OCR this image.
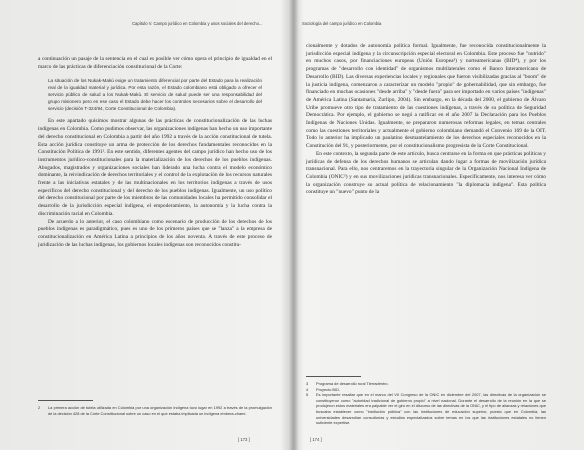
Capítulo V. Campo jurídico en Colombia y usos sociales del derecho...

a continuación un pasaje de la sentencia en el cual es posible ver cómo opera el principio de igualdad en el marco de las prácticas de diferenciación constitucional de la Corte:

La situación de los Nukak-Makú exige un tratamiento diferencial por parte del Estado para la realización real de la igualdad material y jurídica. Por esta razón, el Estado colombiano está obligado a ofrecer el servicio público de salud a los Nukak-Makú. El servicio de salud puede ser una responsabilidad del grupo misionero pero en ese caso el Estado debe hacer los controles necesarios sobre el desarrollo del servicio (decisión T-324/94, Corte Constitucional de Colombia).

En este apartado quisimos mostrar algunas de las prácticas de constitucionalización de las luchas indígenas en Colombia. Como pudimos observar, las organizaciones indígenas han hecho un uso importante del derecho constitucional en Colombia a partir del año 1992 a través de la acción constitucional de tutela. Esta acción jurídica constituye un arma de protección de los derechos fundamentales reconocidos en la Constitución Política de 1991². En este sentido, diferentes agentes del campo jurídico han hecho uso de los instrumentos jurídico-constitucionales para la materialización de los derechos de los pueblos indígenas. Abogados, magistrados y organizaciones sociales han liderado una lucha contra el modelo económico dominante, la reivindicación de derechos territoriales y el control de la explotación de los recursos naturales frente a las iniciativas estatales y de las multinacionales en los territorios indígenas a través de usos específicos del derecho constitucional y del derecho de los pueblos indígenas. Igualmente, un uso político del derecho constitucional por parte de los miembros de las comunidades locales ha permitido consolidar el desarrollo de la jurisdicción especial indígena, el empoderamiento, la autonomía y la lucha contra la discriminación racial en Colombia.

De acuerdo a lo anterior, el caso colombiano como escenario de producción de los derechos de los pueblos indígenas es paradigmático, pues es uno de los primeros países que se "lanza" a la empresa de constitucionalización en América Latina a principios de los años noventa. A través de este proceso de juridización de las luchas indígenas, los gobiernos locales indígenas son reconocidos constitu-

2	La primera acción de tutela utilizada en Colombia por una organización indígena tuvo lugar en 1992 a través de la promulgación de la decisión 428 de la Corte Constitucional sobre un caso en el que estaba implicada un indígena embera-chamí.
[ 173 ]
Sociología del campo jurídico en Colombia

cionalmente y dotados de autonomía política formal. Igualmente, fue reconocida constitucionalmente la jurisdicción especial indígena y la circunscripción especial electoral en Colombia. Este proceso fue "nutrido" en muchos casos, por financiaciones europeas (Unión Europea³) y norteamericanas (BID⁴), y por los programas de "desarrollo con identidad" de organismos multilaterales como el Banco Interamericano de Desarrollo (BID). Las diversas experiencias locales y regionales que fueron visibilizadas gracias al "boom" de la justicia indígena, comenzaron a caracterizar un modelo "propio" de gobernabilidad, que sin embargo, fue financiado en muchas ocasiones "desde arriba" y "desde fuera" para ser importado en varios países "indígenas" de América Latina (Santamaría, Zurlipo, 2004). Sin embargo, en la década del 2000, el gobierno de Álvaro Uribe promueve otro tipo de tratamiento de las cuestiones indígenas, a través de su política de Seguridad Democrática. Por ejemplo, el gobierno se negó a ratificar en el año 2007 la Declaración para los Pueblos Indígenas de Naciones Unidas. Igualmente, se prepararon numerosas reformas legales, en temas centrales como las cuestiones territoriales y actualmente el gobierno colombiano demandó el Convenio 169 de la OIT. Todo lo anterior ha implicado un paulatino desmantelamiento de los derechos especiales reconocidos en la Constitución del 91, y posteriormente, por el constitucionalismo progresista de la Corte Constitucional.

En este contexto, la segunda parte de este artículo, busca centrarse en la forma en que prácticas políticas y jurídicas de defensa de los derechos humanos se articulan dando lugar a formas de movilización jurídica transnacional. Para ello, nos centraremos en la trayectoria singular de la Organización Nacional Indígena de Colombia (ONIC⁵) y en sus movilizaciones jurídicas transnacionales. Específicamente, nos interesa ver cómo la organización construye su actual política de relacionamiento "la diplomacia indígena". Esta política constituye un "nuevo" punto de la

3	Programa de desarrollo rural Tierradentro.
4	Proyecto BID.
5	Es importante resaltar que en el marco del VII Congreso de la ONIC en diciembre del 2007, las directivas de la organización se constituyeron como "autoridad tradicional de gobierno propio" a nivel nacional. Durante el desarrollo de la reunión en la que se produjeron estos materiales era palpable ver el giro en el discurso de las directivas de la ONIC, y el tipo de alianzas y relaciones que buscaba establecer como "institución pública" con las instituciones de educación superior, puesto que en Colombia, las universidades desarrollan consultorías y estudios especializados sobre temas en los que las instituciones estatales no tienen suficiente expertise.
[ 174 ]
